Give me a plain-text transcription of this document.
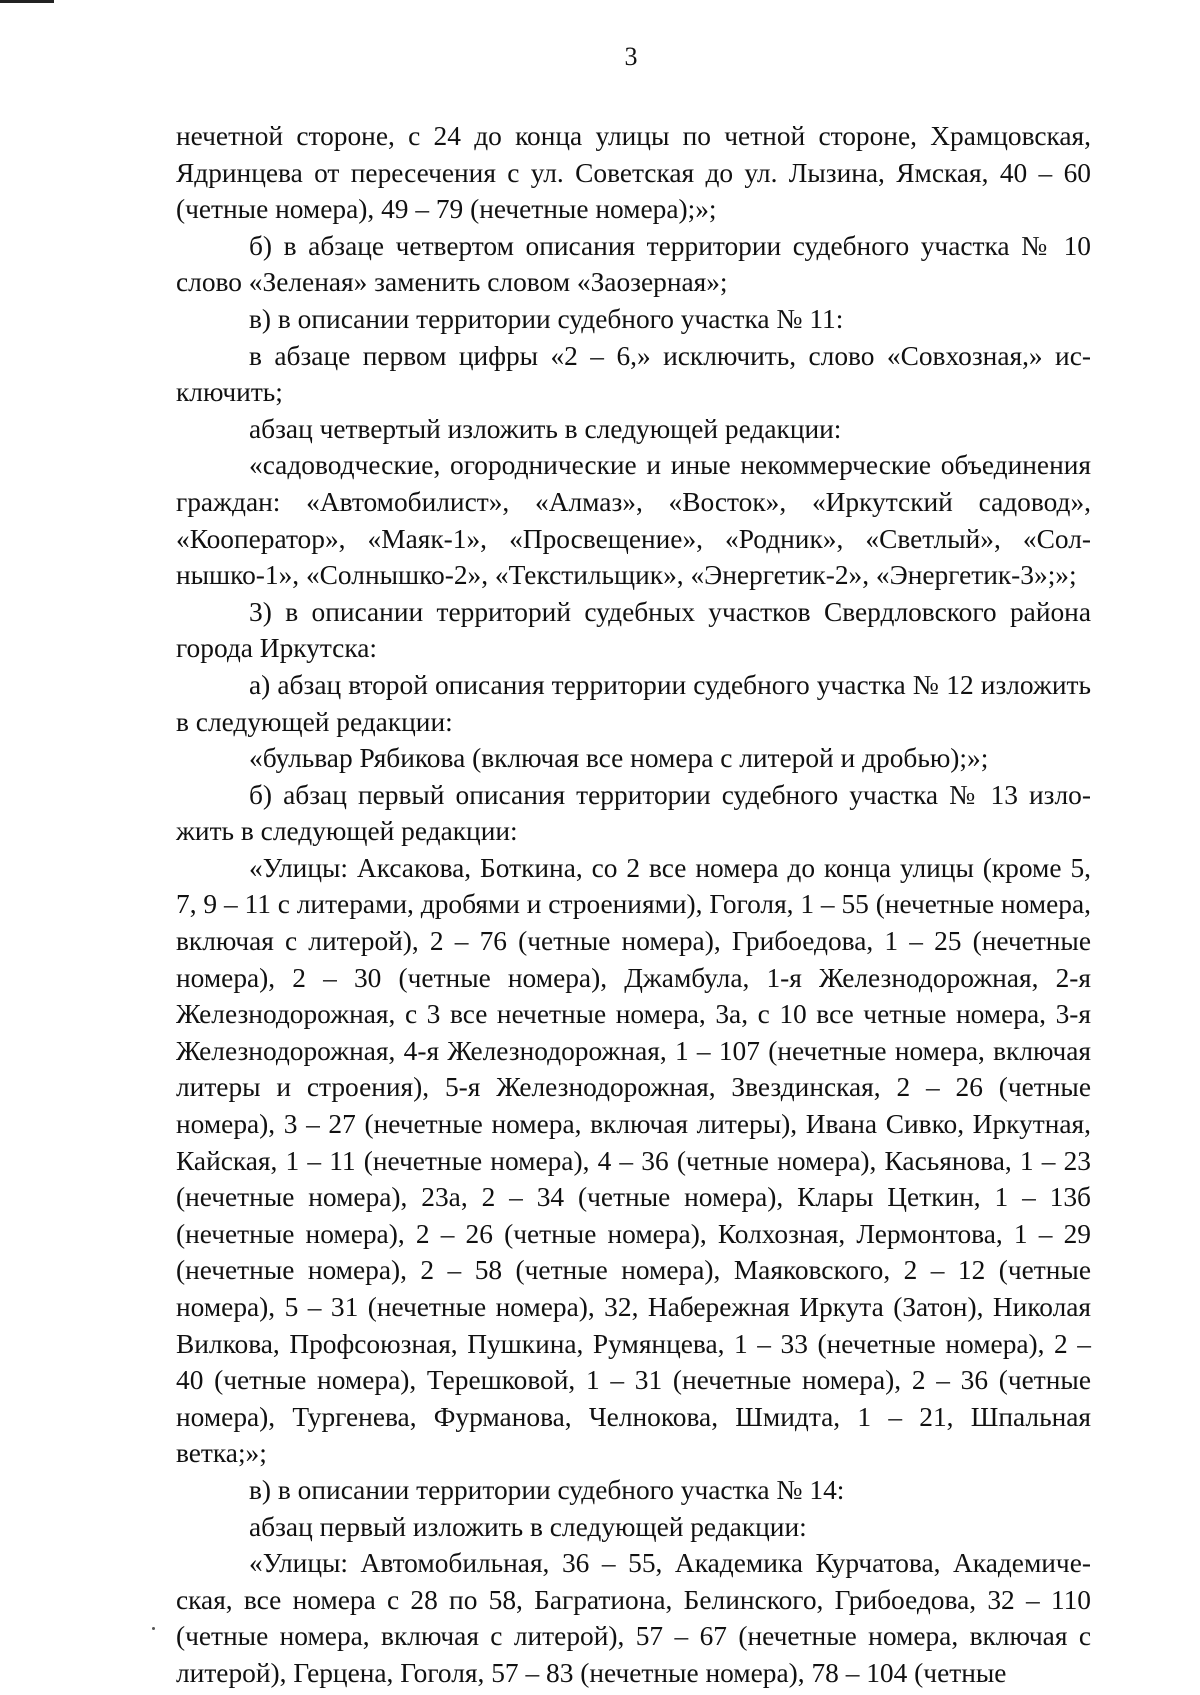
3

нечетной стороне, с 24 до конца улицы по четной стороне, Храмцовская, Ядринцева от пересечения с ул. Советская до ул. Лызина, Ямская, 40 – 60 (четные номера), 49 – 79 (нечетные номера);»;

б) в абзаце четвертом описания территории судебного участка № 10 слово «Зеленая» заменить словом «Заозерная»;

в) в описании территории судебного участка № 11:

в абзаце первом цифры «2 – 6,» исключить, слово «Совхозная,» исключить;

абзац четвертый изложить в следующей редакции:

«садоводческие, огороднические и иные некоммерческие объединения граждан: «Автомобилист», «Алмаз», «Восток», «Иркутский садовод», «Кооператор», «Маяк-1», «Просвещение», «Родник», «Светлый», «Солнышко-1», «Солнышко-2», «Текстильщик», «Энергетик-2», «Энергетик-3»;»;

3) в описании территорий судебных участков Свердловского района города Иркутска:

а) абзац второй описания территории судебного участка № 12 изложить в следующей редакции:

«бульвар Рябикова (включая все номера с литерой и дробью);»;

б) абзац первый описания территории судебного участка № 13 изложить в следующей редакции:

«Улицы: Аксакова, Боткина, со 2 все номера до конца улицы (кроме 5, 7, 9 – 11 с литерами, дробями и строениями), Гоголя, 1 – 55 (нечетные номера, включая с литерой), 2 – 76 (четные номера), Грибоедова, 1 – 25 (нечетные номера), 2 – 30 (четные номера), Джамбула, 1-я Железнодорожная, 2-я Железнодорожная, с 3 все нечетные номера, 3а, с 10 все четные номера, 3-я Железнодорожная, 4-я Железнодорожная, 1 – 107 (нечетные номера, включая литеры и строения), 5-я Железнодорожная, Звездинская, 2 – 26 (четные номера), 3 – 27 (нечетные номера, включая литеры), Ивана Сивко, Иркутная, Кайская, 1 – 11 (нечетные номера), 4 – 36 (четные номера), Касьянова, 1 – 23 (нечетные номера), 23а, 2 – 34 (четные номера), Клары Цеткин, 1 – 13б (нечетные номера), 2 – 26 (четные номера), Колхозная, Лермонтова, 1 – 29 (нечетные номера), 2 – 58 (четные номера), Маяковского, 2 – 12 (четные номера), 5 – 31 (нечетные номера), 32, Набережная Иркута (Затон), Николая Вилкова, Профсоюзная, Пушкина, Румянцева, 1 – 33 (нечетные номера), 2 – 40 (четные номера), Терешковой, 1 – 31 (нечетные номера), 2 – 36 (четные номера), Тургенева, Фурманова, Челнокова, Шмидта, 1 – 21, Шпальная ветка;»;

в) в описании территории судебного участка № 14:

абзац первый изложить в следующей редакции:

«Улицы: Автомобильная, 36 – 55, Академика Курчатова, Академическая, все номера с 28 по 58, Багратиона, Белинского, Грибоедова, 32 – 110 (четные номера, включая с литерой), 57 – 67 (нечетные номера, включая с литерой), Герцена, Гоголя, 57 – 83 (нечетные номера), 78 – 104 (четные
